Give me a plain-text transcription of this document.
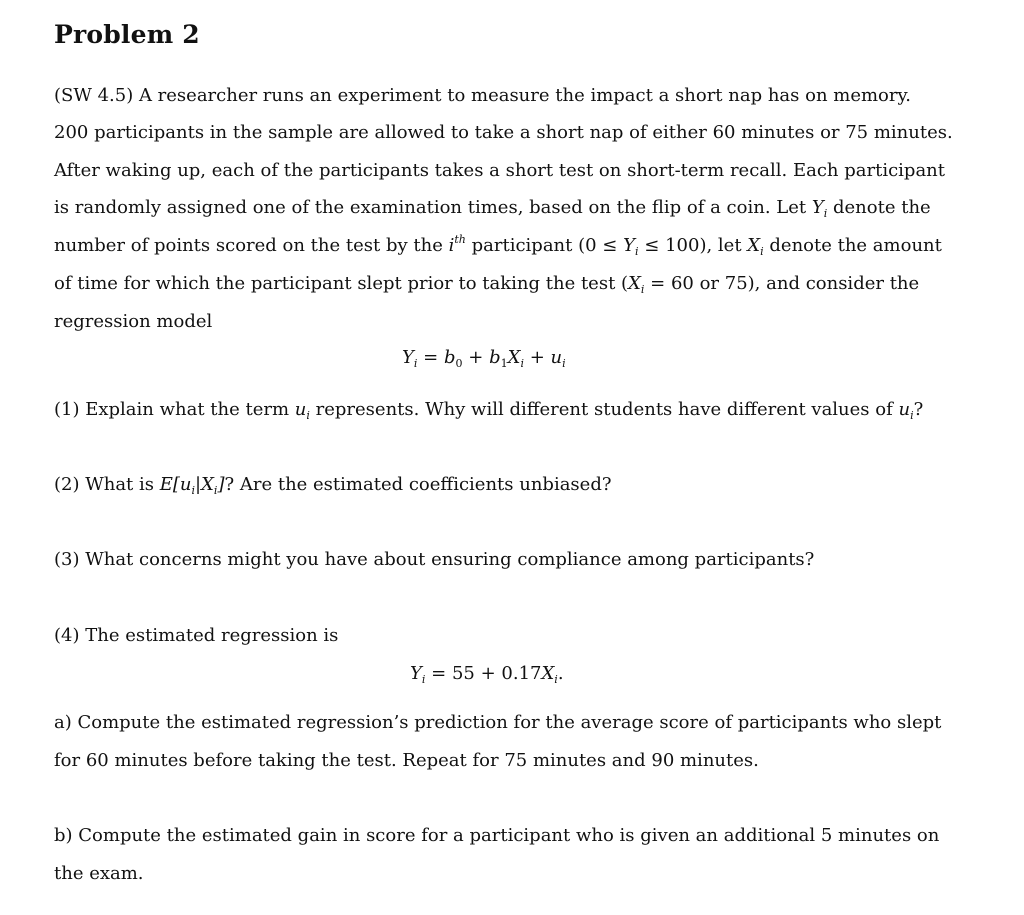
Problem 2
(SW 4.5) A researcher runs an experiment to measure the impact a short nap has on memory.
200 participants in the sample are allowed to take a short nap of either 60 minutes or 75 minutes.
After waking up, each of the participants takes a short test on short-term recall. Each participant
is randomly assigned one of the examination times, based on the flip of a coin. Let $Y_i$ denote the
number of points scored on the test by the $i^{th}$ participant $(0 \le Y_i \le 100)$, let $X_i$ denote the amount
of time for which the participant slept prior to taking the test ($X_i = 60$ or 75), and consider the
regression model
$Y_i = b_0 + b_1X_i + u_i$
(1) Explain what the term $u_i$ represents. Why will different students have different values of $u_i$?
(2) What is $E[u_i|X_i]$? Are the estimated coefficients unbiased?
(3) What concerns might you have about ensuring compliance among participants?
(4) The estimated regression is
$Y_i = 55 + 0.17X_i$.
a) Compute the estimated regression’s prediction for the average score of participants who slept
for 60 minutes before taking the test. Repeat for 75 minutes and 90 minutes.
b) Compute the estimated gain in score for a participant who is given an additional 5 minutes on
the exam.
